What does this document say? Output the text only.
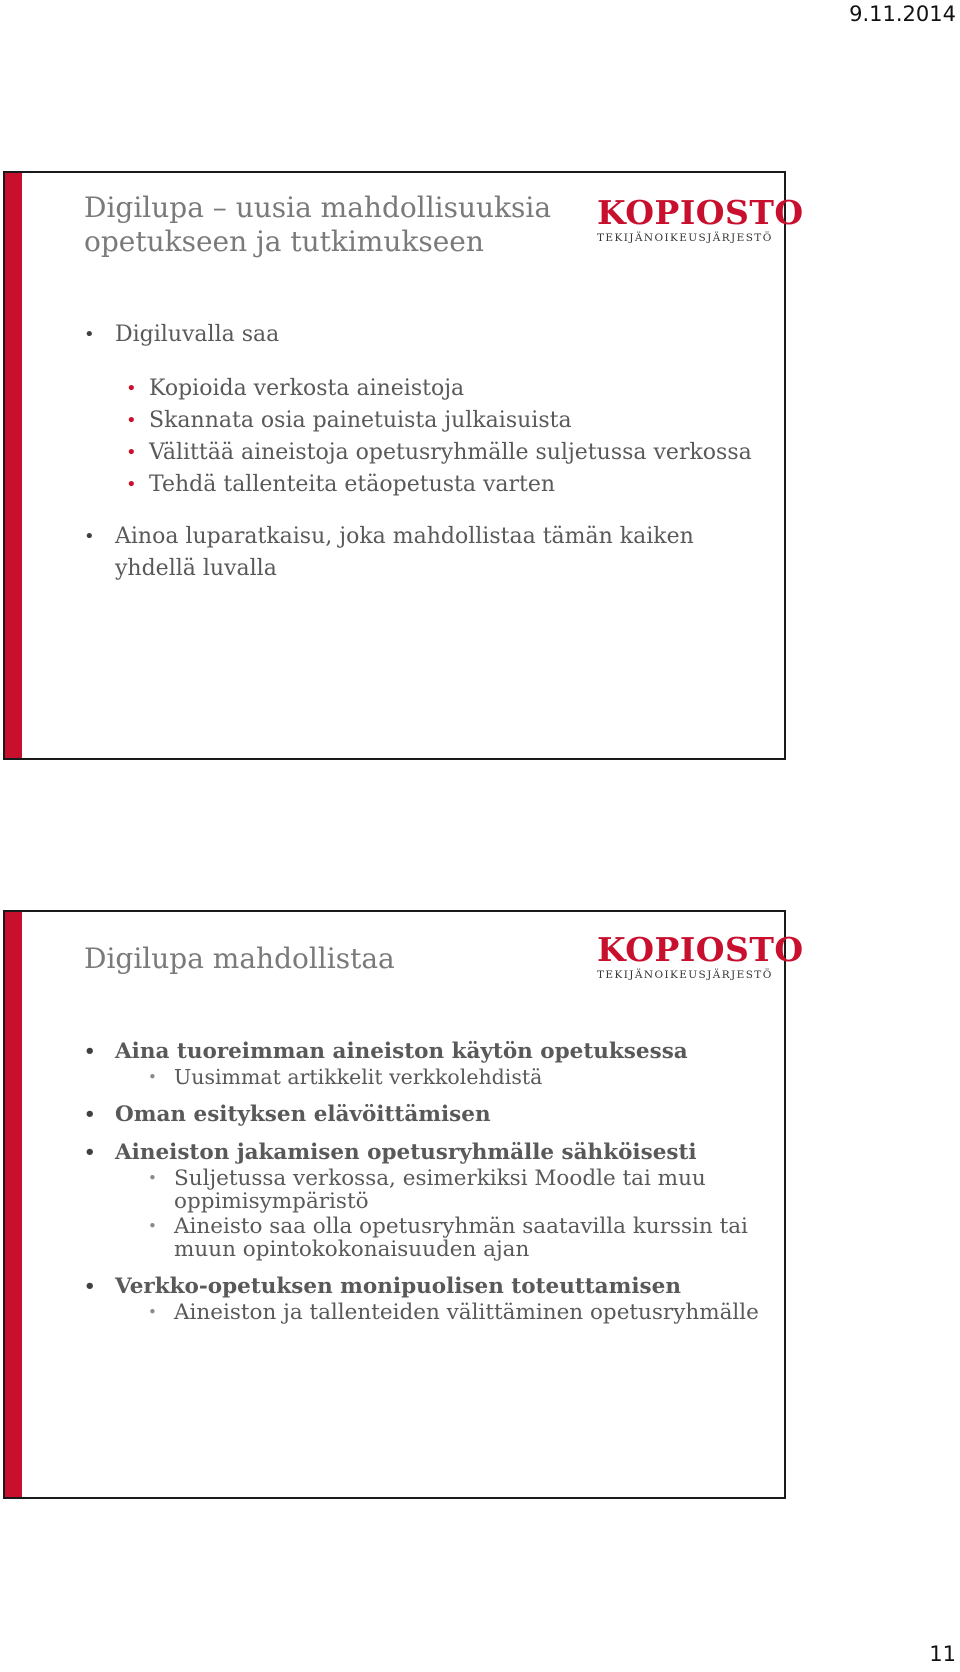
9.11.2014
Digilupa – uusia mahdollisuuksia opetukseen ja tutkimukseen
KOPIOSTO
TEKIJÄNOIKEUSJÄRJESTÖ
• Digiluvalla saa
• Kopioida verkosta aineistoja
• Skannata osia painetuista julkaisuista
• Välittää aineistoja opetusryhmälle suljetussa verkossa
• Tehdä tallenteita etäopetusta varten
• Ainoa luparatkaisu, joka mahdollistaa tämän kaiken yhdellä luvalla
Digilupa mahdollistaa	KOPIOSTO
TEKIJÄNOIKEUSJÄRJESTÖ
• Aina tuoreimman aineiston käytön opetuksessa
• Uusimmat artikkelit verkkolehdistä
• Oman esityksen elävöittämisen
• Aineiston jakamisen opetusryhmälle sähköisesti
• Suljetussa verkossa, esimerkiksi Moodle tai muu oppimisympäristö
• Aineisto saa olla opetusryhmän saatavilla kurssin tai muun opintokokonaisuuden ajan
• Verkko-opetuksen monipuolisen toteuttamisen
• Aineiston ja tallenteiden välittäminen opetusryhmälle
11
